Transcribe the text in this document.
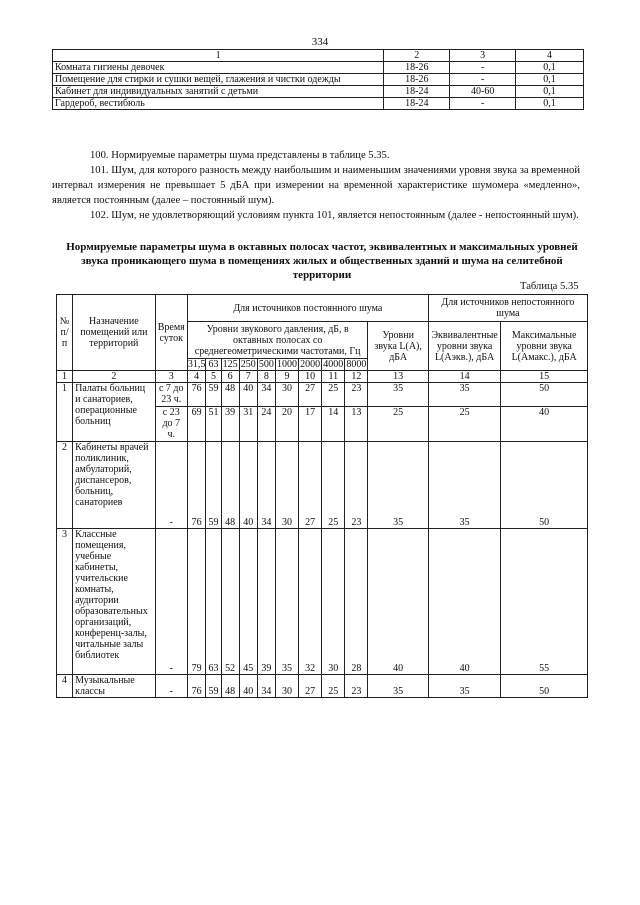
334
1	2	3	4
Комната гигиены девочек	18-26	-	0,1
Помещение для стирки и сушки вещей, глажения и чистки одежды	18-26	-	0,1
Кабинет для индивидуальных занятий с детьми	18-24	40-60	0,1
Гардероб, вестибюль	18-24	-	0,1
100. Нормируемые параметры шума представлены в таблице 5.35.
101. Шум, для которого разность между наибольшим и наименьшим значениями уровня звука за временной интервал измерения не превышает 5 дБА при измерении на временной характеристике шумомера «медленно», является постоянным (далее – постоянный шум).
102. Шум, не удовлетворяющий условиям пункта 101, является непостоянным (далее - непостоянный шум).
Нормируемые параметры шума в октавных полосах частот, эквивалентных и максимальных уровней звука проникающего шума в помещениях жилых и общественных зданий и шума на селитебной территории
Таблица 5.35
№ п/п	Назначение помещений или территорий	Время суток	Для источников постоянного шума										Для источников непостоянного шума	
			Уровни звукового давления, дБ, в октавных полосах со среднегеометрическими частотами, Гц									Уровни звука L(А), дБА	Эквивалентные уровни звука L(Аэкв.), дБА	Максимальные уровни звука L(Амакс.), дБА
			31,5	63	125	250	500	1000	2000	4000	8000			
1	2	3	4	5	6	7	8	9	10	11	12	13	14	15
1	Палаты больниц и санаториев, операционные больниц	с 7 до 23 ч.	76	59	48	40	34	30	27	25	23	35	35	50
		с 23 до 7 ч.	69	51	39	31	24	20	17	14	13	25	25	40
2	Кабинеты врачей поликлиник, амбулаторий, диспансеров, больниц, санаториев	-	76	59	48	40	34	30	27	25	23	35	35	50
3	Классные помещения, учебные кабинеты, учительские комнаты, аудитории образовательных организаций, конференц-залы, читальные залы библиотек	-	79	63	52	45	39	35	32	30	28	40	40	55
4	Музыкальные классы	-	76	59	48	40	34	30	27	25	23	35	35	50
